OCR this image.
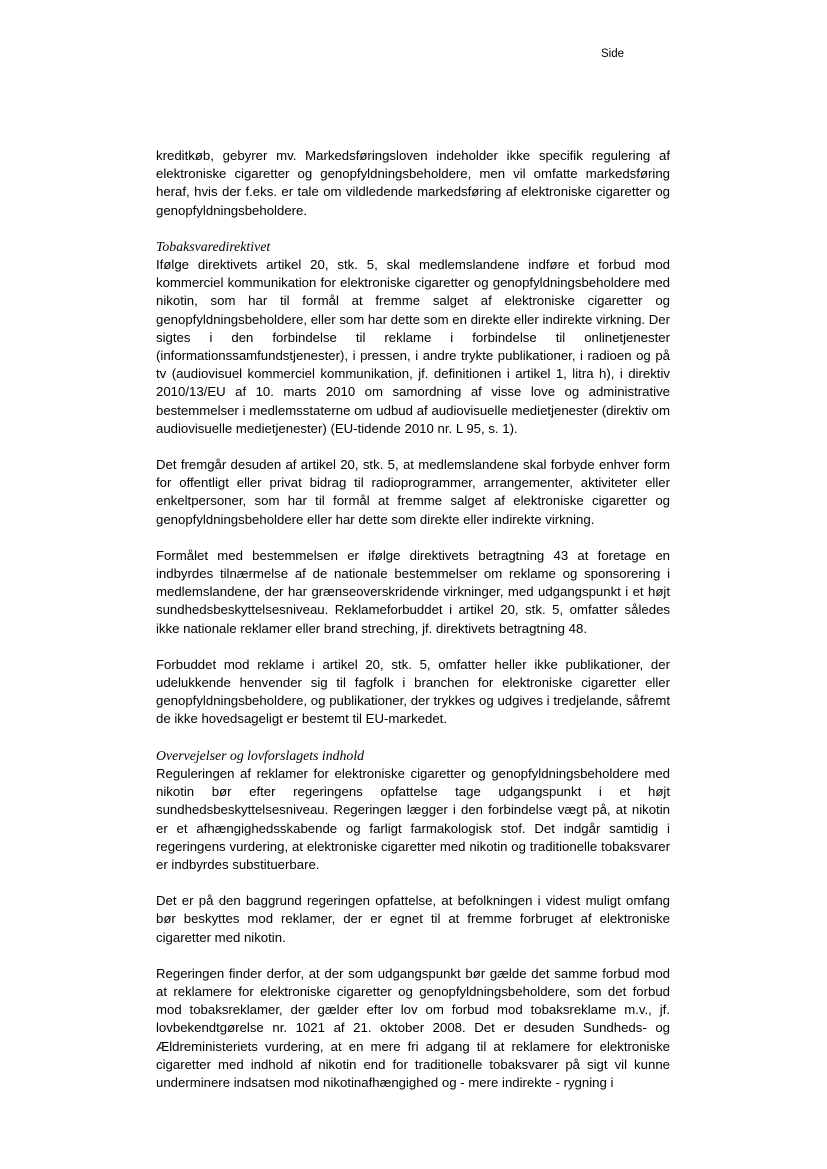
Side

kreditkøb, gebyrer mv. Markedsføringsloven indeholder ikke specifik regulering af elektroniske cigaretter og genopfyldningsbeholdere, men vil omfatte markedsføring heraf, hvis der f.eks. er tale om vildledende markedsføring af elektroniske cigaretter og genopfyldningsbeholdere.

Tobaksvaredirektivet

Ifølge direktivets artikel 20, stk. 5, skal medlemslandene indføre et forbud mod kommerciel kommunikation for elektroniske cigaretter og genopfyldningsbeholdere med nikotin, som har til formål at fremme salget af elektroniske cigaretter og genopfyldningsbeholdere, eller som har dette som en direkte eller indirekte virkning. Der sigtes i den forbindelse til reklame i forbindelse til onlinetjenester (informationssamfundstjenester), i pressen, i andre trykte publikationer, i radioen og på tv (audiovisuel kommerciel kommunikation, jf. definitionen i artikel 1, litra h), i direktiv 2010/13/EU af 10. marts 2010 om samordning af visse love og administrative bestemmelser i medlemsstaterne om udbud af audiovisuelle medietjenester (direktiv om audiovisuelle medietjenester) (EU-tidende 2010 nr. L 95, s. 1).

Det fremgår desuden af artikel 20, stk. 5, at medlemslandene skal forbyde enhver form for offentligt eller privat bidrag til radioprogrammer, arrangementer, aktiviteter eller enkeltpersoner, som har til formål at fremme salget af elektroniske cigaretter og genopfyldningsbeholdere eller har dette som direkte eller indirekte virkning.

Formålet med bestemmelsen er ifølge direktivets betragtning 43 at foretage en indbyrdes tilnærmelse af de nationale bestemmelser om reklame og sponsorering i medlemslandene, der har grænseoverskridende virkninger, med udgangspunkt i et højt sundhedsbeskyttelsesniveau. Reklameforbuddet i artikel 20, stk. 5, omfatter således ikke nationale reklamer eller brand streching, jf. direktivets betragtning 48.

Forbuddet mod reklame i artikel 20, stk. 5, omfatter heller ikke publikationer, der udelukkende henvender sig til fagfolk i branchen for elektroniske cigaretter eller genopfyldningsbeholdere, og publikationer, der trykkes og udgives i tredjelande, såfremt de ikke hovedsageligt er bestemt til EU-markedet.

Overvejelser og lovforslagets indhold

Reguleringen af reklamer for elektroniske cigaretter og genopfyldningsbeholdere med nikotin bør efter regeringens opfattelse tage udgangspunkt i et højt sundhedsbeskyttelsesniveau. Regeringen lægger i den forbindelse vægt på, at nikotin er et afhængighedsskabende og farligt farmakologisk stof. Det indgår samtidig i regeringens vurdering, at elektroniske cigaretter med nikotin og traditionelle tobaksvarer er indbyrdes substituerbare.

Det er på den baggrund regeringen opfattelse, at befolkningen i videst muligt omfang bør beskyttes mod reklamer, der er egnet til at fremme forbruget af elektroniske cigaretter med nikotin.

Regeringen finder derfor, at der som udgangspunkt bør gælde det samme forbud mod at reklamere for elektroniske cigaretter og genopfyldningsbeholdere, som det forbud mod tobaksreklamer, der gælder efter lov om forbud mod tobaksreklame m.v., jf. lovbekendtgørelse nr. 1021 af 21. oktober 2008. Det er desuden Sundheds- og Ældreministeriets vurdering, at en mere fri adgang til at reklamere for elektroniske cigaretter med indhold af nikotin end for traditionelle tobaksvarer på sigt vil kunne underminere indsatsen mod nikotinafhængighed og - mere indirekte - rygning i
